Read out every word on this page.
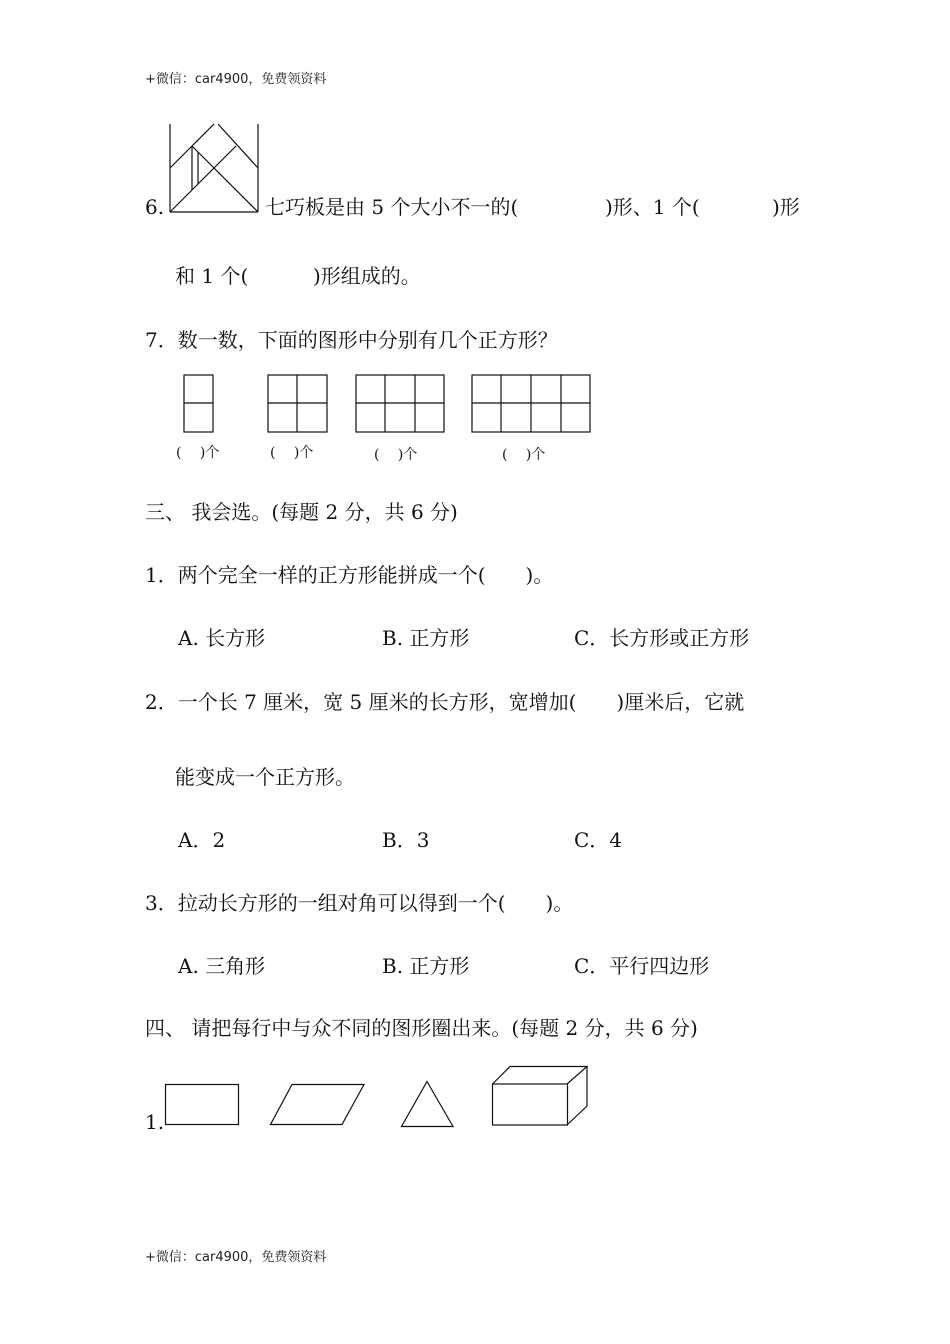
+微信：car4900，免费领资料
+微信：car4900，免费领资料
6.	七巧板是由 5 个大小不一的(	)形、1 个(	)形
和 1 个(	)形组成的。
7．数一数，下面的图形中分别有几个正方形？
(　 )个	(　 )个	(　 )个	(　 )个
三、 我会选。(每题 2 分，共 6 分)
1．两个完全一样的正方形能拼成一个(　　)。
A. 长方形	B. 正方形	C．长方形或正方形
2．一个长 7 厘米，宽 5 厘米的长方形，宽增加(　　)厘米后，它就
能变成一个正方形。
A．2	B．3	C．4
3．拉动长方形的一组对角可以得到一个(　　)。
A. 三角形	B. 正方形	C．平行四边形
四、 请把每行中与众不同的图形圈出来。(每题 2 分，共 6 分)
1.
